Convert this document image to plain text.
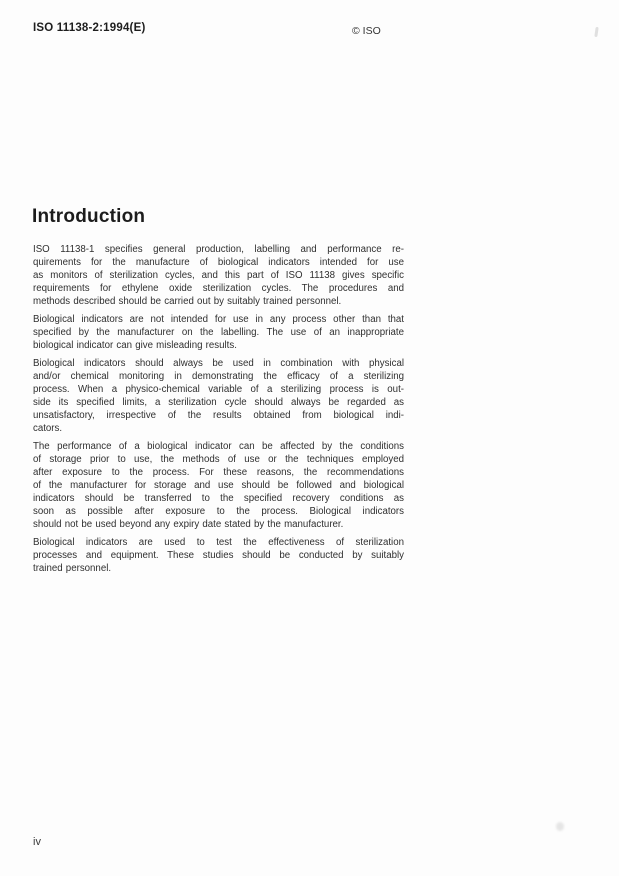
ISO 11138-2:1994(E)	© ISO
Introduction
ISO 11138-1 specifies general production, labelling and performance re-
quirements for the manufacture of biological indicators intended for use
as monitors of sterilization cycles, and this part of ISO 11138 gives specific
requirements for ethylene oxide sterilization cycles. The procedures and
methods described should be carried out by suitably trained personnel.
Biological indicators are not intended for use in any process other than that
specified by the manufacturer on the labelling. The use of an inappropriate
biological indicator can give misleading results.
Biological indicators should always be used in combination with physical
and/or chemical monitoring in demonstrating the efficacy of a sterilizing
process. When a physico-chemical variable of a sterilizing process is out-
side its specified limits, a sterilization cycle should always be regarded as
unsatisfactory, irrespective of the results obtained from biological indi-
cators.
The performance of a biological indicator can be affected by the conditions
of storage prior to use, the methods of use or the techniques employed
after exposure to the process. For these reasons, the recommendations
of the manufacturer for storage and use should be followed and biological
indicators should be transferred to the specified recovery conditions as
soon as possible after exposure to the process. Biological indicators
should not be used beyond any expiry date stated by the manufacturer.
Biological indicators are used to test the effectiveness of sterilization
processes and equipment. These studies should be conducted by suitably
trained personnel.
iv
